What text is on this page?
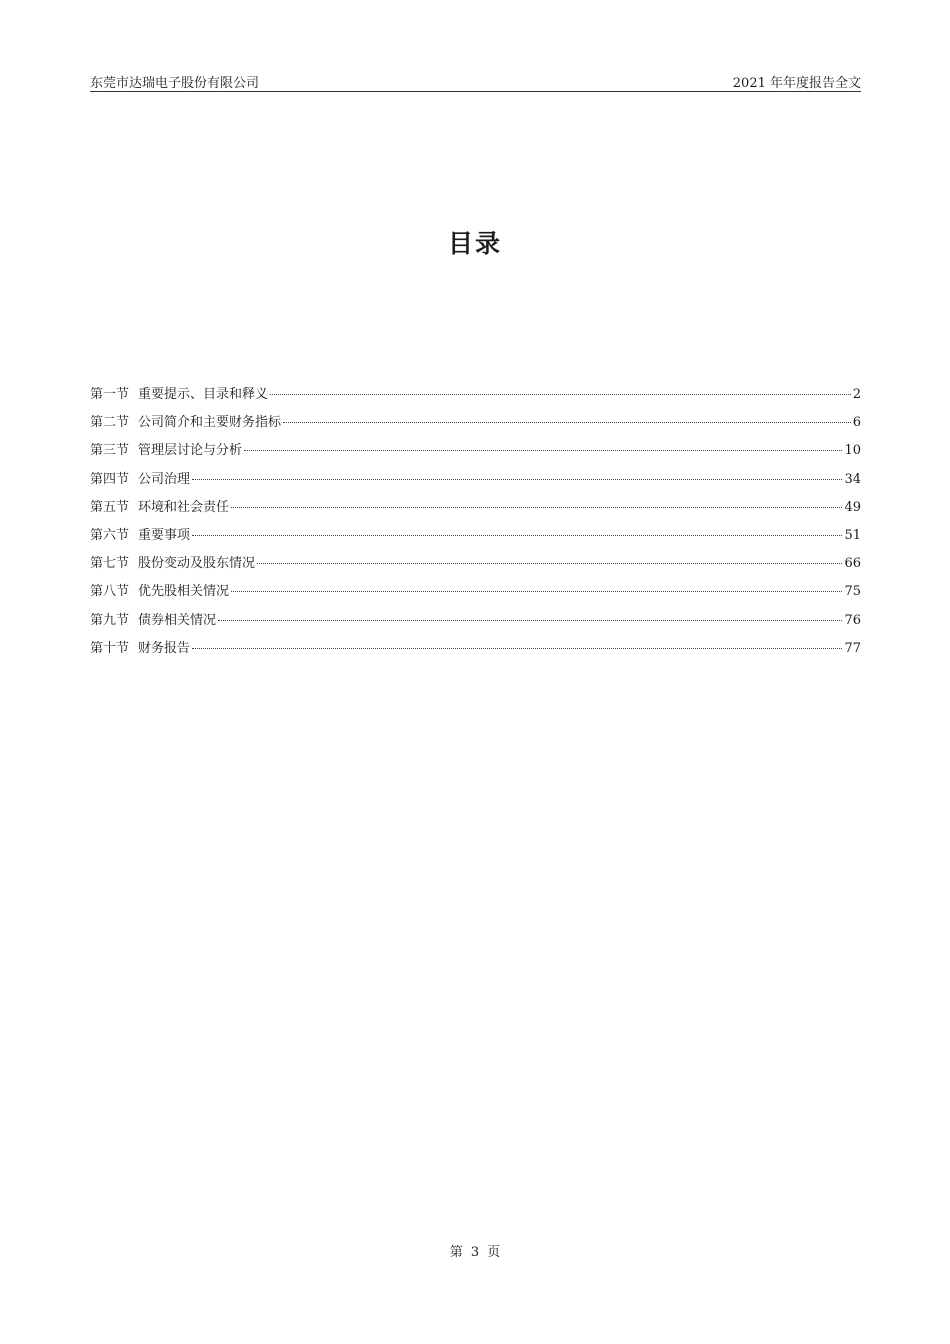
东莞市达瑞电子股份有限公司	2021 年年度报告全文
目录
第一节 重要提示、目录和释义	2
第二节 公司简介和主要财务指标	6
第三节 管理层讨论与分析	10
第四节 公司治理	34
第五节 环境和社会责任	49
第六节 重要事项	51
第七节 股份变动及股东情况	66
第八节 优先股相关情况	75
第九节 债券相关情况	76
第十节 财务报告	77
第 3 页
